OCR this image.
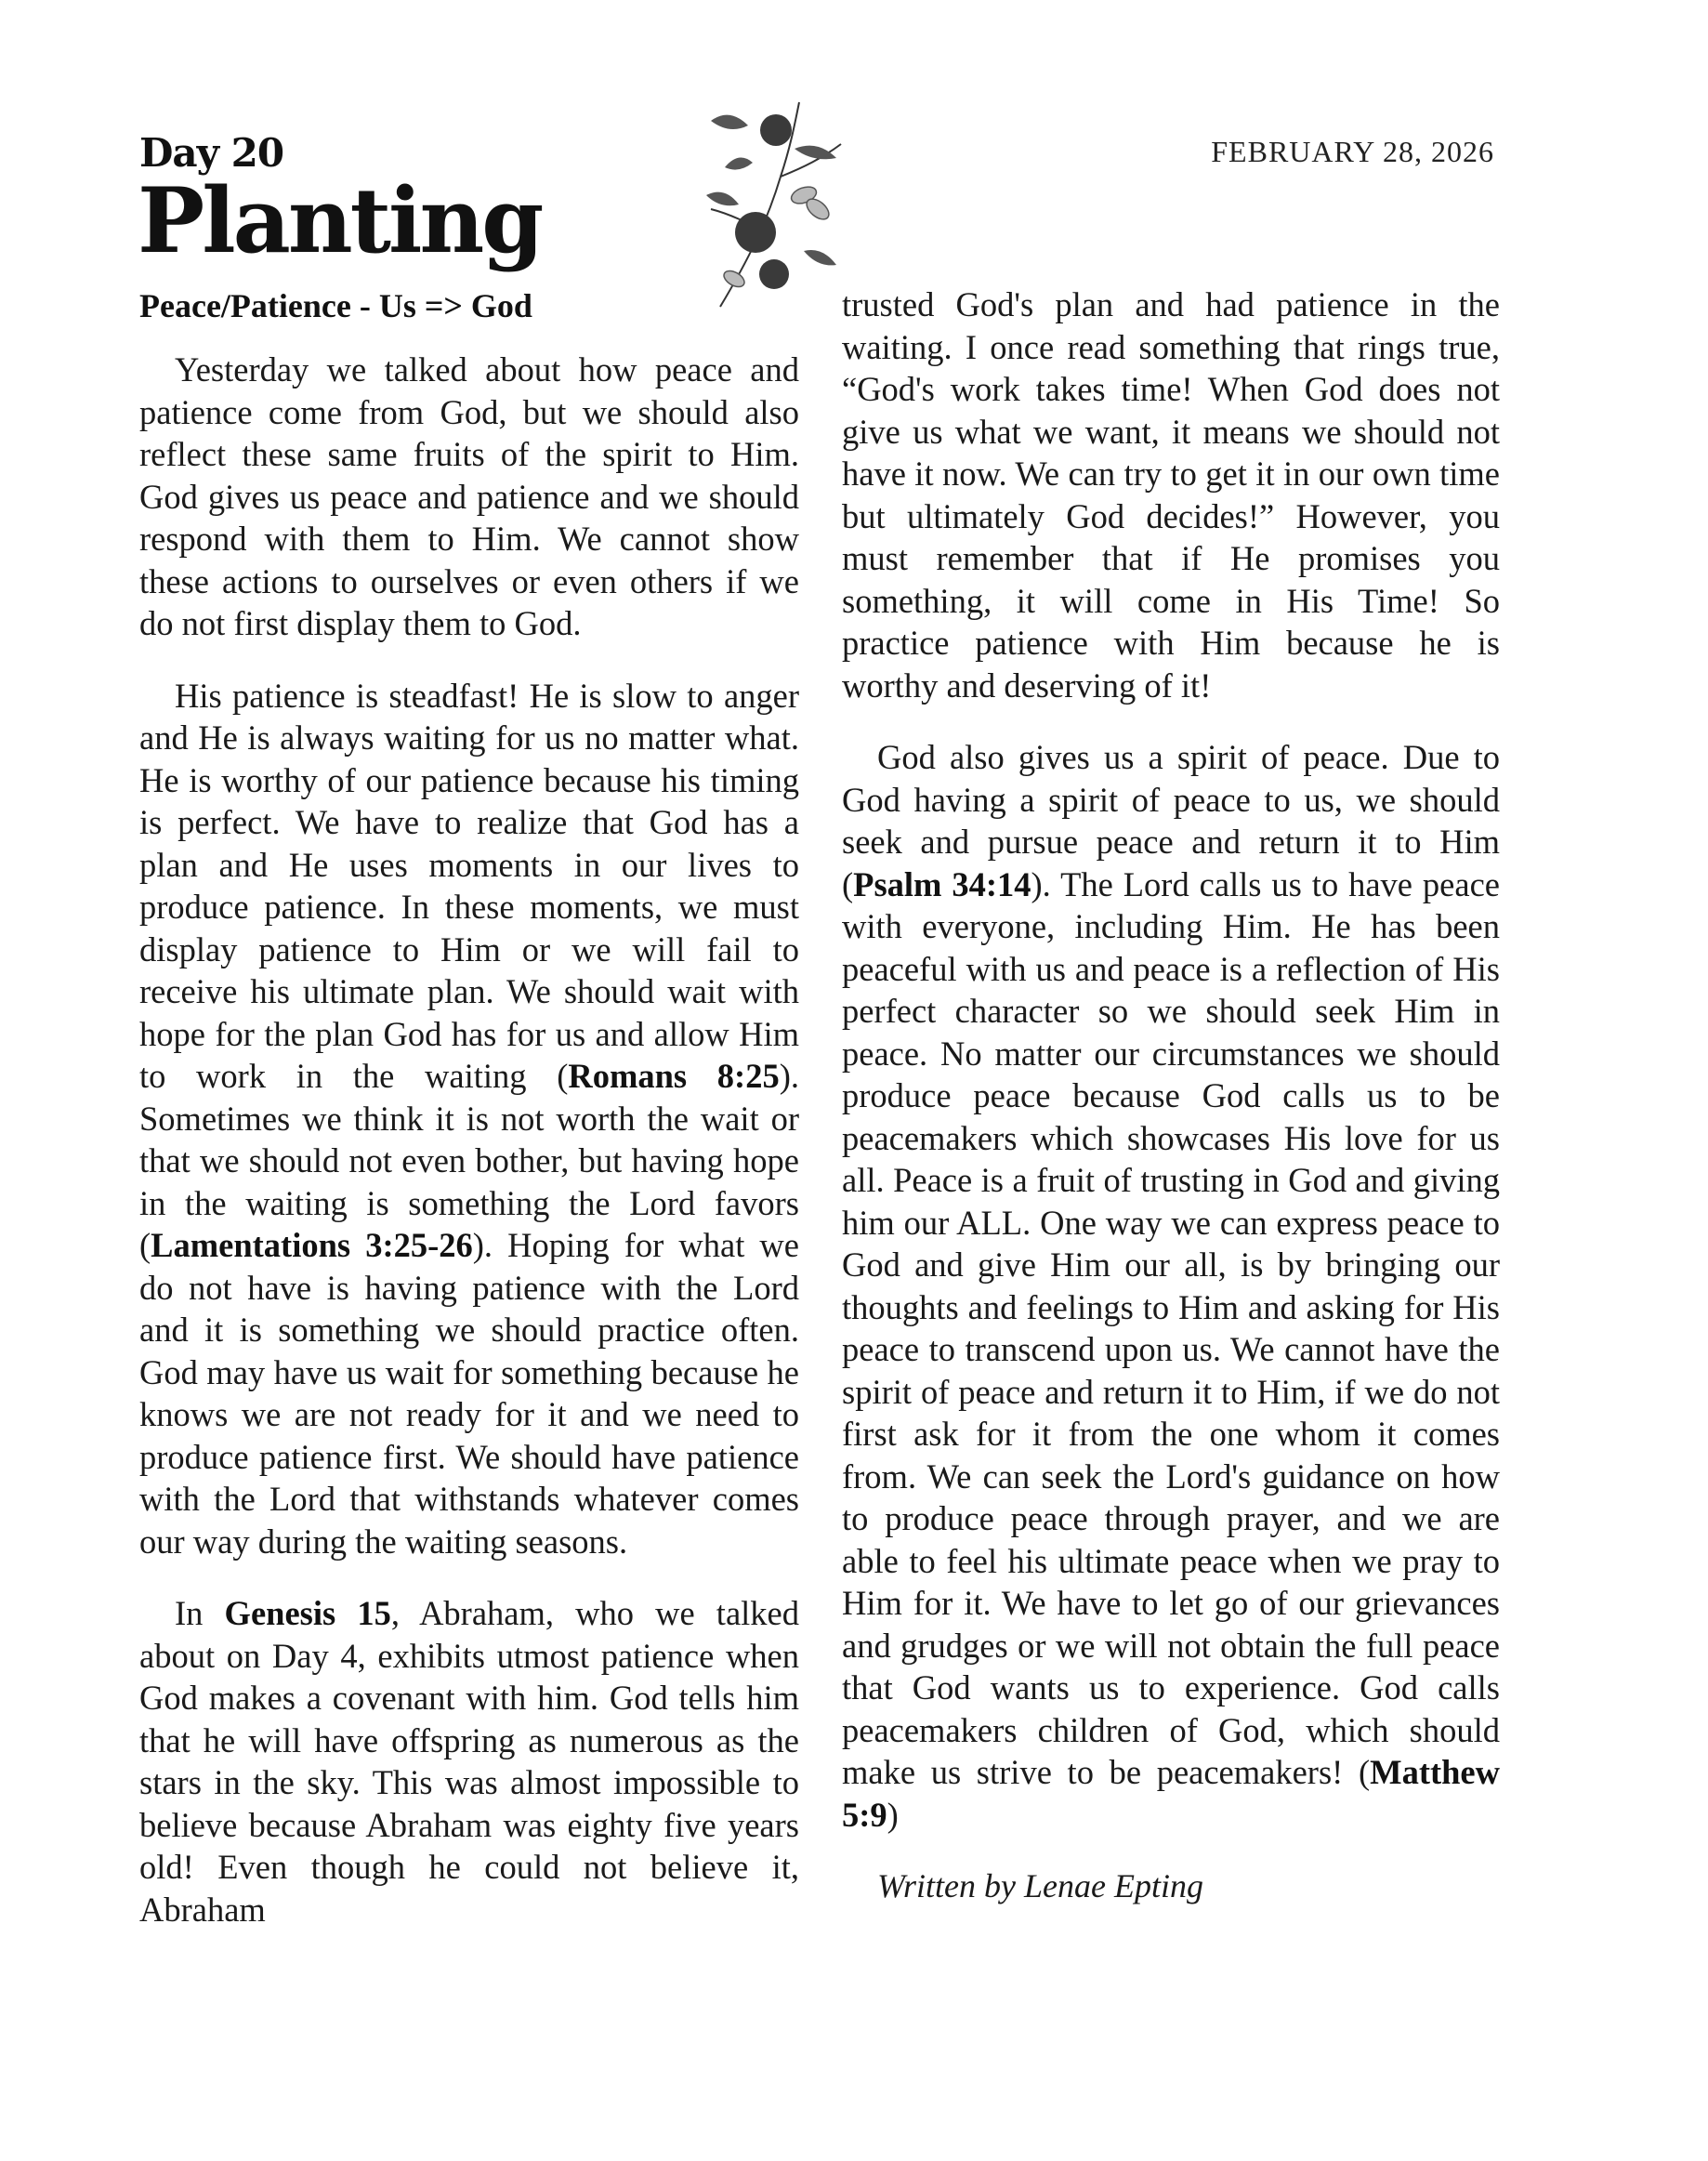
Day 20
Planting
Peace/Patience - Us => God
FEBRUARY 28, 2026

Yesterday we talked about how peace and patience come from God, but we should also reflect these same fruits of the spirit to Him. God gives us peace and patience and we should respond with them to Him. We cannot show these actions to ourselves or even others if we do not first display them to God.

His patience is steadfast! He is slow to anger and He is always waiting for us no matter what. He is worthy of our patience because his timing is perfect. We have to realize that God has a plan and He uses moments in our lives to produce patience. In these moments, we must display patience to Him or we will fail to receive his ultimate plan. We should wait with hope for the plan God has for us and allow Him to work in the waiting (Romans 8:25). Sometimes we think it is not worth the wait or that we should not even bother, but having hope in the waiting is something the Lord favors (Lamentations 3:25-26). Hoping for what we do not have is having patience with the Lord and it is something we should practice often. God may have us wait for something because he knows we are not ready for it and we need to produce patience first. We should have patience with the Lord that withstands whatever comes our way during the waiting seasons.

In Genesis 15, Abraham, who we talked about on Day 4, exhibits utmost patience when God makes a covenant with him. God tells him that he will have offspring as numerous as the stars in the sky. This was almost impossible to believe because Abraham was eighty five years old! Even though he could not believe it, Abraham

trusted God's plan and had patience in the waiting. I once read something that rings true, “God's work takes time! When God does not give us what we want, it means we should not have it now. We can try to get it in our own time but ultimately God decides!” However, you must remember that if He promises you something, it will come in His Time! So practice patience with Him because he is worthy and deserving of it!

God also gives us a spirit of peace. Due to God having a spirit of peace to us, we should seek and pursue peace and return it to Him (Psalm 34:14). The Lord calls us to have peace with everyone, including Him. He has been peaceful with us and peace is a reflection of His perfect character so we should seek Him in peace. No matter our circumstances we should produce peace because God calls us to be peacemakers which showcases His love for us all. Peace is a fruit of trusting in God and giving him our ALL. One way we can express peace to God and give Him our all, is by bringing our thoughts and feelings to Him and asking for His peace to transcend upon us. We cannot have the spirit of peace and return it to Him, if we do not first ask for it from the one whom it comes from. We can seek the Lord's guidance on how to produce peace through prayer, and we are able to feel his ultimate peace when we pray to Him for it. We have to let go of our grievances and grudges or we will not obtain the full peace that God wants us to experience. God calls peacemakers children of God, which should make us strive to be peacemakers! (Matthew 5:9)

Written by Lenae Epting
